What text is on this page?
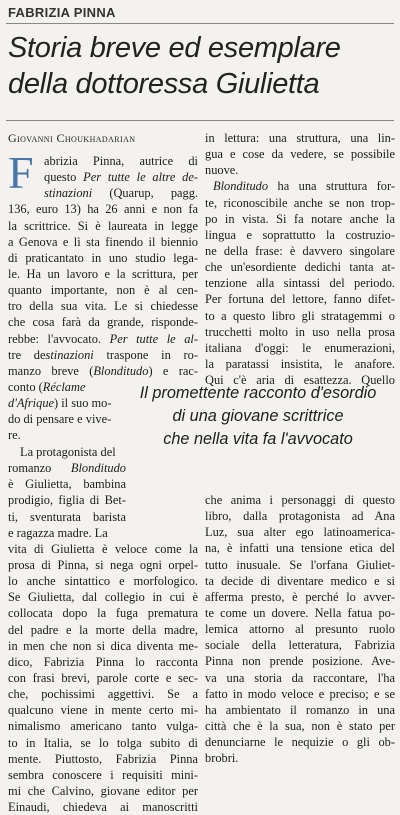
FABRIZIA PINNA
Storia breve ed esemplare
della dottoressa Giulietta
Giovanni Choukhadarian
F abrizia Pinna, autrice di
questo Per tutte le altre de-
stinazioni (Quarup, pagg.
136, euro 13) ha 26 anni e non fa
la scrittrice. Si è laureata in legge
a Genova e lì sta finendo il biennio
di praticantato in uno studio lega-
le. Ha un lavoro e la scrittura, per
quanto importante, non è al cen-
tro della sua vita. Le si chiedesse
che cosa farà da grande, risponde-
rebbe: l'avvocato. Per tutte le al-
tre destinazioni traspone in ro-
manzo breve (Blonditudo) e rac-
conto (Réclame
d'Afrique) il suo mo-
do di pensare e vive-
re.
La protagonista del
romanzo Blonditudo
è Giulietta, bambina
prodigio, figlia di Bet-
ti, sventurata barista
e ragazza madre. La
vita di Giulietta è veloce come la
prosa di Pinna, si nega ogni orpel-
lo anche sintattico e morfologico.
Se Giulietta, dal collegio in cui è
collocata dopo la fuga prematura
del padre e la morte della madre,
in men che non si dica diventa me-
dico, Fabrizia Pinna lo racconta
con frasi brevi, parole corte e sec-
che, pochissimi aggettivi. Se a
qualcuno viene in mente certo mi-
nimalismo americano tanto vulga-
to in Italia, se lo tolga subito di
mente. Piuttosto, Fabrizia Pinna
sembra conoscere i requisiti mini-
mi che Calvino, giovane editor per
Einaudi, chiedeva ai manoscritti
in lettura: una struttura, una lin-
gua e cose da vedere, se possibile
nuove.
Blonditudo ha una struttura for-
te, riconoscibile anche se non trop-
po in vista. Si fa notare anche la
lingua e soprattutto la costruzio-
ne della frase: è davvero singolare
che un'esordiente dedichi tanta at-
tenzione alla sintassi del periodo.
Per fortuna del lettore, fanno difet-
to a questo libro gli stratagemmi o
trucchetti molto in uso nella prosa
italiana d'oggi: le enumerazioni,
la paratassi insistita, le anafore.
Qui c'è aria di esattezza. Quello
Il promettente racconto d'esordio
di una giovane scrittrice
che nella vita fa l'avvocato
che anima i personaggi di questo
libro, dalla protagonista ad Ana
Luz, sua alter ego latinoamerica-
na, è infatti una tensione etica del
tutto inusuale. Se l'orfana Giuliet-
ta decide di diventare medico e si
afferma presto, è perché lo avver-
te come un dovere. Nella fatua po-
lemica attorno al presunto ruolo
sociale della letteratura, Fabrizia
Pinna non prende posizione. Ave-
va una storia da raccontare, l'ha
fatto in modo veloce e preciso; e se
ha ambientato il romanzo in una
città che è la sua, non è stato per
denunciarne le nequizie o gli ob-
brobri.
